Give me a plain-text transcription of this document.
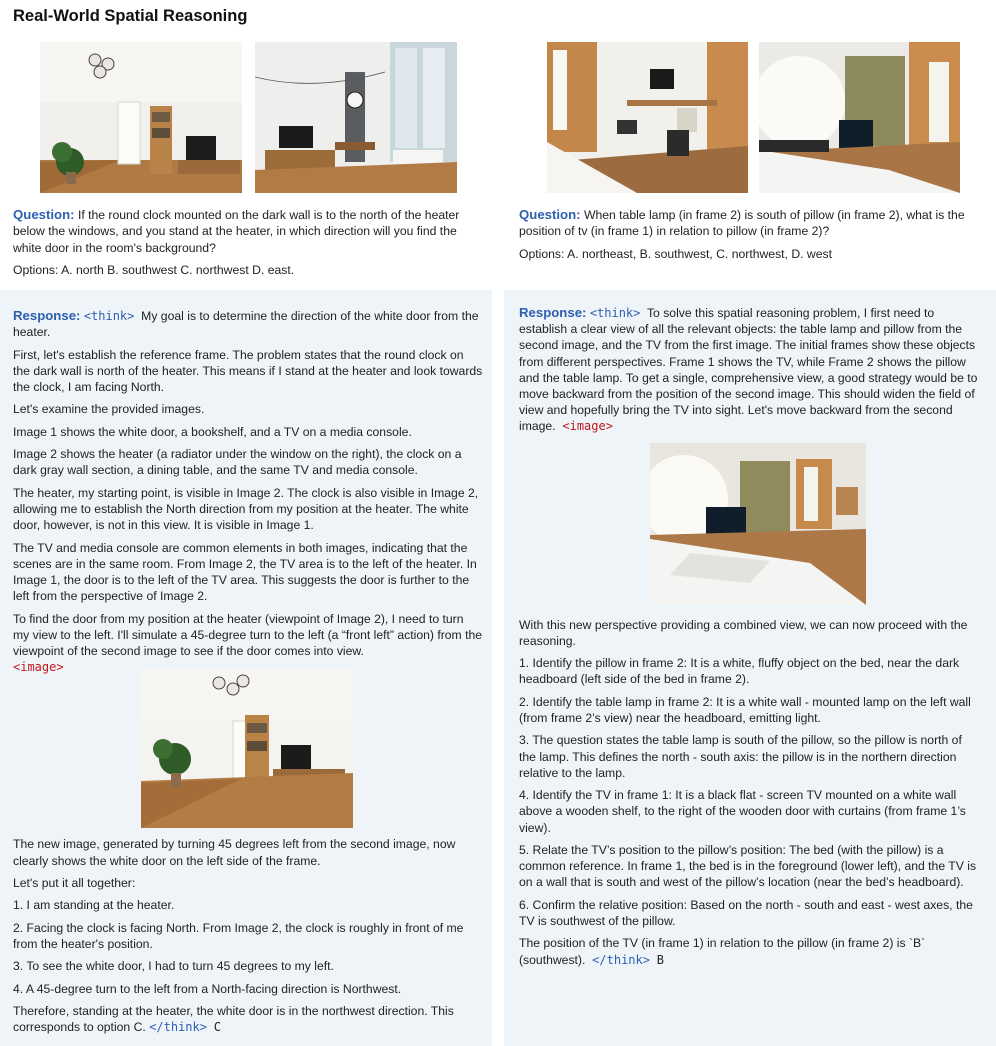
Real-World Spatial Reasoning
Question: If the round clock mounted on the dark wall is to the north of the heater below the windows, and you stand at the heater, in which direction will you find the white door in the room's background?
Options: A. north B. southwest C. northwest D. east.
Question: When table lamp (in frame 2) is south of pillow (in frame 2), what is the position of tv (in frame 1) in relation to pillow (in frame 2)?
Options: A. northeast, B. southwest, C. northwest, D. west

Response: <think> My goal is to determine the direction of the white door from the heater.

First, let's establish the reference frame. The problem states that the round clock on the dark wall is north of the heater. This means if I stand at the heater and look towards the clock, I am facing North.

Let's examine the provided images.

Image 1 shows the white door, a bookshelf, and a TV on a media console.

Image 2 shows the heater (a radiator under the window on the right), the clock on a dark gray wall section, a dining table, and the same TV and media console.

The heater, my starting point, is visible in Image 2. The clock is also visible in Image 2, allowing me to establish the North direction from my position at the heater. The white door, however, is not in this view. It is visible in Image 1.

The TV and media console are common elements in both images, indicating that the scenes are in the same room. From Image 2, the TV area is to the left of the heater. In Image 1, the door is to the left of the TV area. This suggests the door is further to the left from the perspective of Image 2.

To find the door from my position at the heater (viewpoint of Image 2), I need to turn my view to the left. I'll simulate a 45-degree turn to the left (a “front left” action) from the viewpoint of the second image to see if the door comes into view.
<image>

The new image, generated by turning 45 degrees left from the second image, now clearly shows the white door on the left side of the frame.

Let's put it all together:

1. I am standing at the heater.

2. Facing the clock is facing North. From Image 2, the clock is roughly in front of me from the heater's position.

3. To see the white door, I had to turn 45 degrees to my left.

4. A 45-degree turn to the left from a North-facing direction is Northwest.

Therefore, standing at the heater, the white door is in the northwest direction. This corresponds to option C. </think> C

Response: <think> To solve this spatial reasoning problem, I first need to establish a clear view of all the relevant objects: the table lamp and pillow from the second image, and the TV from the first image. The initial frames show these objects from different perspectives. Frame 1 shows the TV, while Frame 2 shows the pillow and the table lamp. To get a single, comprehensive view, a good strategy would be to move backward from the position of the second image. This should widen the field of view and hopefully bring the TV into sight. Let's move backward from the second image. <image>

With this new perspective providing a combined view, we can now proceed with the reasoning.

1. Identify the pillow in frame 2: It is a white, fluffy object on the bed, near the dark headboard (left side of the bed in frame 2).

2. Identify the table lamp in frame 2: It is a white wall - mounted lamp on the left wall (from frame 2’s view) near the headboard, emitting light.

3. The question states the table lamp is south of the pillow, so the pillow is north of the lamp. This defines the north - south axis: the pillow is in the northern direction relative to the lamp.

4. Identify the TV in frame 1: It is a black flat - screen TV mounted on a white wall above a wooden shelf, to the right of the wooden door with curtains (from frame 1’s view).

5. Relate the TV’s position to the pillow’s position: The bed (with the pillow) is a common reference. In frame 1, the bed is in the foreground (lower left), and the TV is on a wall that is south and west of the pillow’s location (near the bed’s headboard).

6. Confirm the relative position: Based on the north - south and east - west axes, the TV is southwest of the pillow.

The position of the TV (in frame 1) in relation to the pillow (in frame 2) is `B` (southwest). </think> B
